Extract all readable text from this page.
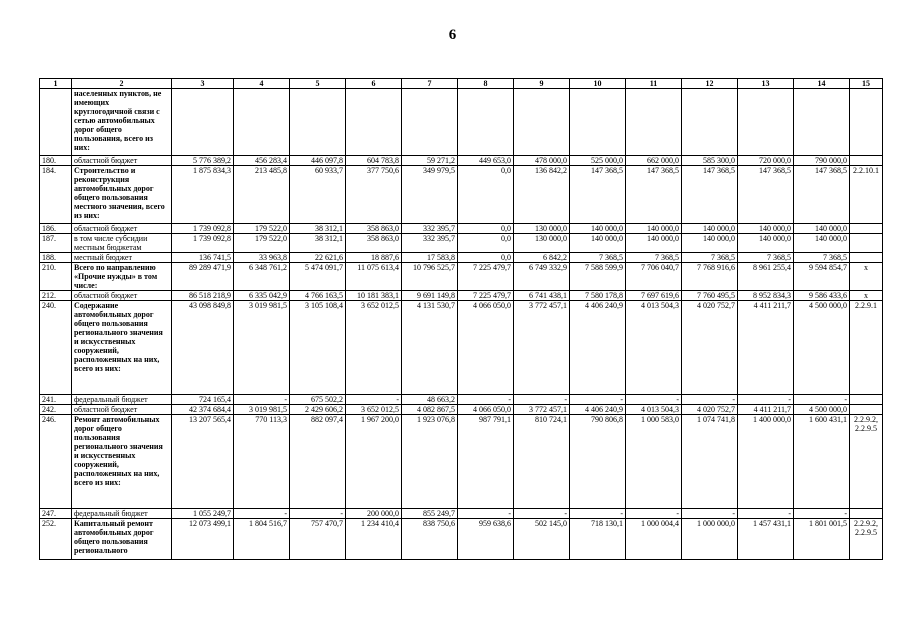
6
1	2	3	4	5	6	7	8	9	10	11	12	13	14	15
	населенных пунктов, не имеющих круглогодичной связи с сетью автомобильных дорог общего пользования, всего из них:													
180.	областной бюджет	5 776 389,2	456 283,4	446 097,8	604 783,8	59 271,2	449 653,0	478 000,0	525 000,0	662 000,0	585 300,0	720 000,0	790 000,0	
184.	Строительство и реконструкция автомобильных дорог общего пользования местного значения, всего из них:	1 875 834,3	213 485,8	60 933,7	377 750,6	349 979,5	0,0	136 842,2	147 368,5	147 368,5	147 368,5	147 368,5	147 368,5	2.2.10.1
186.	областной бюджет	1 739 092,8	179 522,0	38 312,1	358 863,0	332 395,7	0,0	130 000,0	140 000,0	140 000,0	140 000,0	140 000,0	140 000,0	
187.	в том числе субсидии местным бюджетам	1 739 092,8	179 522,0	38 312,1	358 863,0	332 395,7	0,0	130 000,0	140 000,0	140 000,0	140 000,0	140 000,0	140 000,0	
188.	местный бюджет	136 741,5	33 963,8	22 621,6	18 887,6	17 583,8	0,0	6 842,2	7 368,5	7 368,5	7 368,5	7 368,5	7 368,5	
210.	Всего по направлению «Прочие нужды» в том числе:	89 289 471,9	6 348 761,2	5 474 091,7	11 075 613,4	10 796 525,7	7 225 479,7	6 749 332,9	7 588 599,9	7 706 040,7	7 768 916,6	8 961 255,4	9 594 854,7	x
212.	областной бюджет	86 518 218,9	6 335 042,9	4 766 163,5	10 181 383,1	9 691 149,8	7 225 479,7	6 741 438,1	7 580 178,8	7 697 619,6	7 760 495,5	8 952 834,3	9 586 433,6	x
240.	Содержание автомобильных дорог общего пользования регионального значения и искусственных сооружений, расположенных на них, всего из них:	43 098 849,8	3 019 981,5	3 105 108,4	3 652 012,5	4 131 530,7	4 066 050,0	3 772 457,1	4 406 240,9	4 013 504,3	4 020 752,7	4 411 211,7	4 500 000,0	2.2.9.1
241.	федеральный бюджет	724 165,4	-	675 502,2	-	48 663,2	-	-	-	-	-	-	-	
242.	областной бюджет	42 374 684,4	3 019 981,5	2 429 606,2	3 652 012,5	4 082 867,5	4 066 050,0	3 772 457,1	4 406 240,9	4 013 504,3	4 020 752,7	4 411 211,7	4 500 000,0	
246.	Ремонт автомобильных дорог общего пользования регионального значения и искусственных сооружений, расположенных на них, всего из них:	13 207 565,4	770 113,3	882 097,4	1 967 200,0	1 923 076,8	987 791,1	810 724,1	790 806,8	1 000 583,0	1 074 741,8	1 400 000,0	1 600 431,1	2.2.9.2, 2.2.9.5
247.	федеральный бюджет	1 055 249,7	-	-	200 000,0	855 249,7	-	-	-	-	-	-	-	
252.	Капитальный ремонт автомобильных дорог общего пользования регионального	12 073 499,1	1 804 516,7	757 470,7	1 234 410,4	838 750,6	959 638,6	502 145,0	718 130,1	1 000 004,4	1 000 000,0	1 457 431,1	1 801 001,5	2.2.9.2, 2.2.9.5
